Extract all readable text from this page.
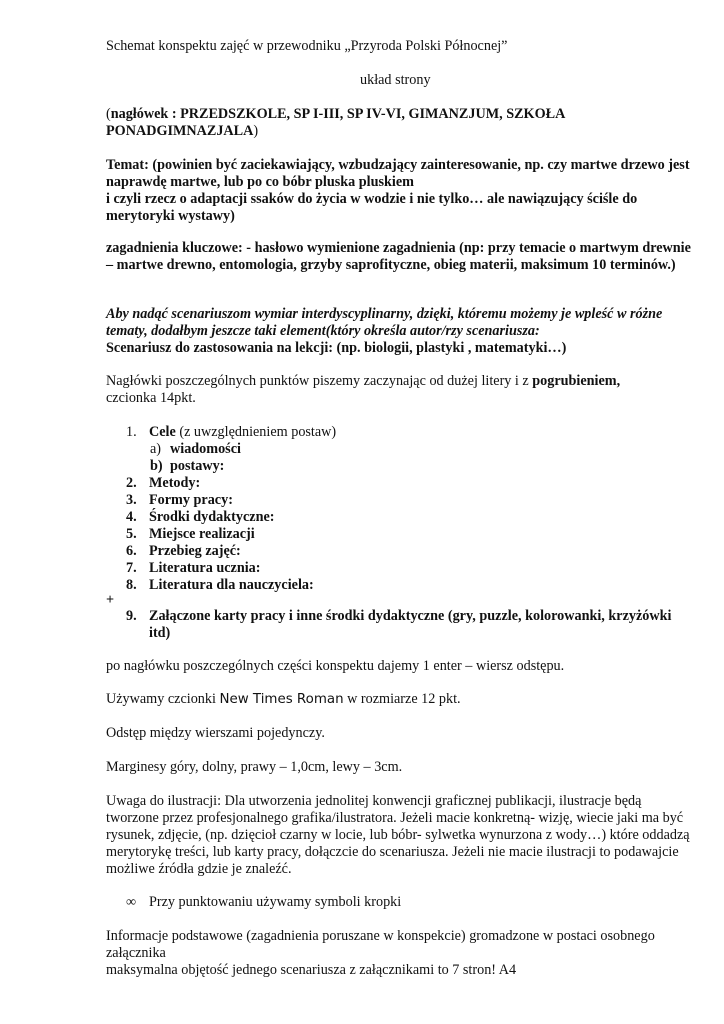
Schemat konspektu zajęć w przewodniku „Przyroda Polski Północnej”

układ strony

(nagłówek : PRZEDSZKOLE, SP I-III, SP IV-VI, GIMANZJUM, SZKOŁA PONADGIMNAZJALA)

Temat: (powinien być zaciekawiający, wzbudzający zainteresowanie, np. czy martwe drzewo jest naprawdę martwe, lub po co bóbr pluska pluskiem
i czyli rzecz o adaptacji ssaków do życia w wodzie i nie tylko… ale nawiązujący ściśle do merytoryki wystawy)

zagadnienia kluczowe: - hasłowo wymienione zagadnienia (np: przy temacie o martwym drewnie – martwe drewno, entomologia, grzyby saprofityczne, obieg materii, maksimum 10 terminów.)

Aby nadąć scenariuszom wymiar interdyscyplinarny, dzięki, któremu możemy je wpleść w różne tematy, dodałbym jeszcze taki element(który określa autor/rzy scenariusza:
Scenariusz do zastosowania na lekcji: (np. biologii, plastyki , matematyki…)

Nagłówki poszczególnych punktów piszemy zaczynając od dużej litery i z pogrubieniem,
czcionka 14pkt.

1. Cele (z uwzględnieniem postaw)
a) wiadomości
b) postawy:
2. Metody:
3. Formy pracy:
4. Środki dydaktyczne:
5. Miejsce realizacji
6. Przebieg zajęć:
7. Literatura ucznia:
8. Literatura dla nauczyciela:
+
9. Załączone karty pracy i inne środki dydaktyczne (gry, puzzle, kolorowanki, krzyżówki itd)

po nagłówku poszczególnych części konspektu dajemy 1 enter – wiersz odstępu.

Używamy czcionki New Times Roman w rozmiarze 12 pkt.

Odstęp między wierszami pojedynczy.

Marginesy góry, dolny, prawy – 1,0cm, lewy – 3cm.

Uwaga do ilustracji: Dla utworzenia jednolitej konwencji graficznej publikacji, ilustracje będą tworzone przez profesjonalnego grafika/ilustratora. Jeżeli macie konkretną- wizję, wiecie jaki ma być rysunek, zdjęcie, (np. dzięcioł czarny w locie, lub bóbr- sylwetka wynurzona z wody…) które oddadzą merytorykę treści, lub karty pracy, dołączcie do scenariusza. Jeżeli nie macie ilustracji to podawajcie możliwe źródła gdzie je znaleźć.

∞ Przy punktowaniu używamy symboli kropki

Informacje podstawowe (zagadnienia poruszane w konspekcie) gromadzone w postaci osobnego załącznika

maksymalna objętość jednego scenariusza z załącznikami to 7 stron! A4
